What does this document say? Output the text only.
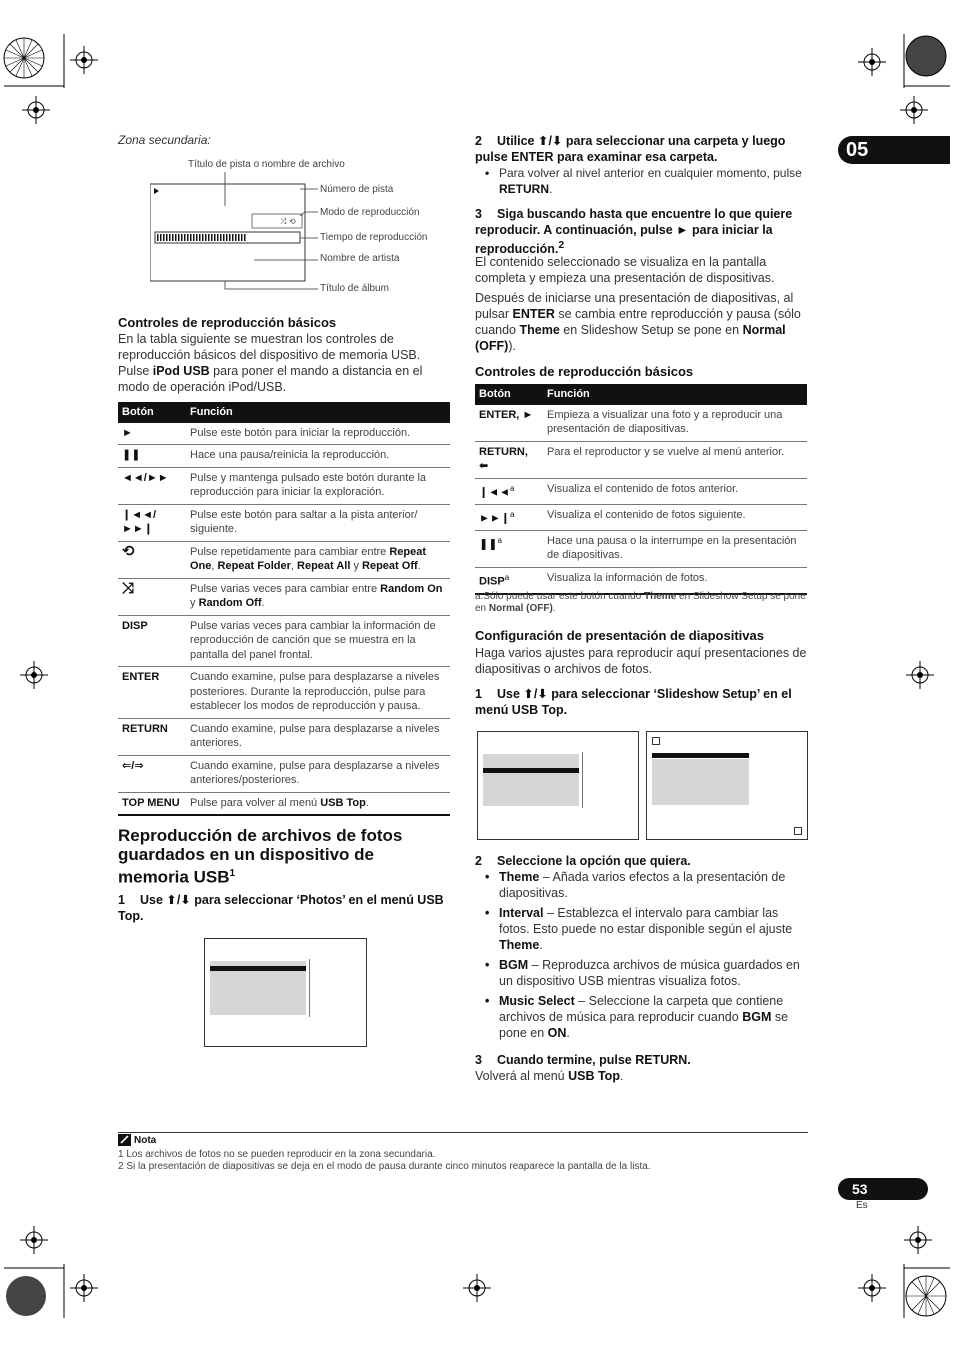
05
53
Es
Zona secundaria:
⤨ ⟲
Título de pista o nombre de archivo
Número de pista
Modo de reproducción
Tiempo de reproducción
Nombre de artista
Título de álbum
Controles de reproducción básicos
En la tabla siguiente se muestran los controles de reproducción básicos del dispositivo de memoria USB. Pulse iPod USB para poner el mando a distancia en el modo de operación iPod/USB.
Botón	Función
►	Pulse este botón para iniciar la reproducción.
❚❚	Hace una pausa/reinicia la reproducción.
◄◄/►►	Pulse y mantenga pulsado este botón durante la reproducción para iniciar la exploración.
❙◄◄/►►❙	Pulse este botón para saltar a la pista anterior/ siguiente.
⟲	Pulse repetidamente para cambiar entre Repeat One, Repeat Folder, Repeat All y Repeat Off.
⤨	Pulse varias veces para cambiar entre Random On y Random Off.
DISP	Pulse varias veces para cambiar la información de reproducción de canción que se muestra en la pantalla del panel frontal.
ENTER	Cuando examine, pulse para desplazarse a niveles posteriores. Durante la reproducción, pulse para establecer los modos de reproducción y pausa.
RETURN	Cuando examine, pulse para desplazarse a niveles anteriores.
⇐/⇒	Cuando examine, pulse para desplazarse a niveles anteriores/posteriores.
TOP MENU	Pulse para volver al menú USB Top.
Reproducción de archivos de fotos guardados en un dispositivo de memoria USB$^1$
1 Use ⬆/⬇ para seleccionar ‘Photos’ en el menú USB Top.
2 Utilice ⬆/⬇ para seleccionar una carpeta y luego pulse ENTER para examinar esa carpeta.
• Para volver al nivel anterior en cualquier momento, pulse RETURN.
3 Siga buscando hasta que encuentre lo que quiere reproducir. A continuación, pulse ► para iniciar la reproducción.$^2$
El contenido seleccionado se visualiza en la pantalla completa y empieza una presentación de dispositivas.
Después de iniciarse una presentación de diapositivas, al pulsar ENTER se cambia entre reproducción y pausa (sólo cuando Theme en Slideshow Setup se pone en Normal (OFF)).
Controles de reproducción básicos
Botón	Función
ENTER, ►	Empieza a visualizar una foto y a reproducir una presentación de diapositivas.
RETURN, ⬅	Para el reproductor y se vuelve al menú anterior.
❙◄◄$^a$	Visualiza el contenido de fotos anterior.
►►❙$^a$	Visualiza el contenido de fotos siguiente.
❚❚$^a$	Hace una pausa o la interrumpe en la presentación de diapositivas.
DISP$^a$	Visualiza la información de fotos.
a.Sólo puede usar este botón cuando Theme en Slideshow Setup se pone en Normal (OFF).
Configuración de presentación de diapositivas
Haga varios ajustes para reproducir aquí presentaciones de diapositivas o archivos de fotos.
1 Use ⬆/⬇ para seleccionar ‘Slideshow Setup’ en el menú USB Top.
2 Seleccione la opción que quiera.
• Theme – Añada varios efectos a la presentación de diapositivas.
• Interval – Establezca el intervalo para cambiar las fotos. Esto puede no estar disponible según el ajuste Theme.
• BGM – Reproduzca archivos de música guardados en un dispositivo USB mientras visualiza fotos.
• Music Select – Seleccione la carpeta que contiene archivos de música para reproducir cuando BGM se pone en ON.
3 Cuando termine, pulse RETURN.
Volverá al menú USB Top.
Nota
1 Los archivos de fotos no se pueden reproducir en la zona secundaria.
2 Si la presentación de diapositivas se deja en el modo de pausa durante cinco minutos reaparece la pantalla de la lista.
